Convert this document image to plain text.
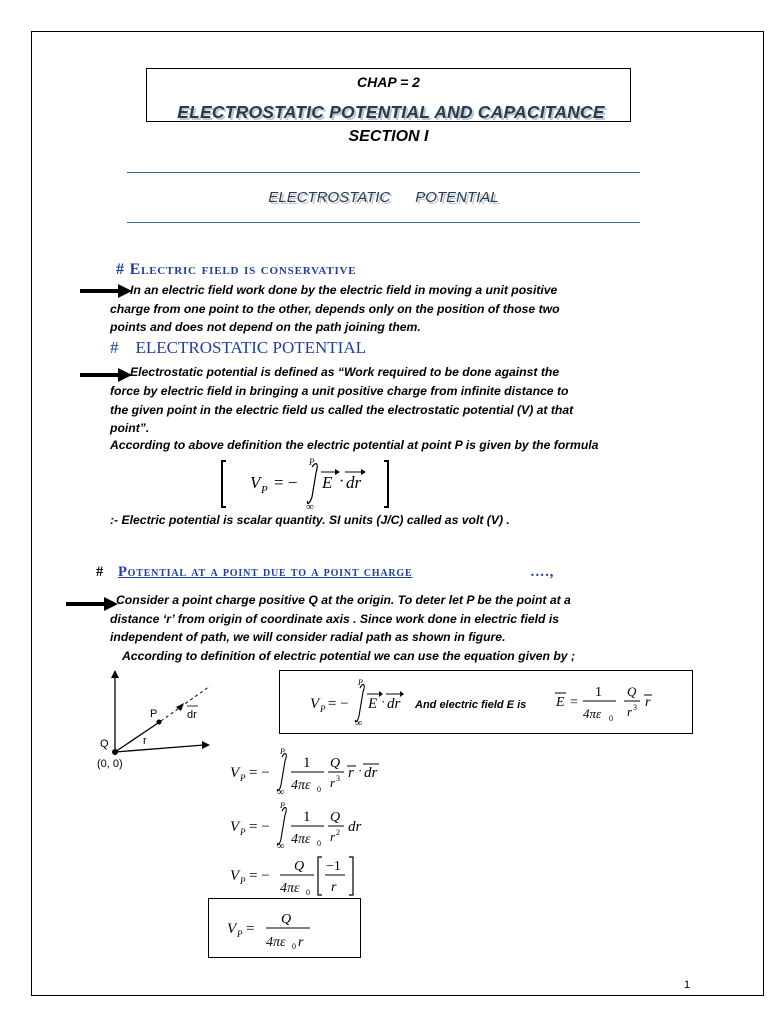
CHAP = 2
ELECTROSTATIC POTENTIAL AND CAPACITANCE
SECTION I
ELECTROSTATIC      POTENTIAL
# Electric field is conservative
In an electric field work done by the electric field in moving a unit positive
charge from one point to the other, depends only on the position of those two
points and does not depend on the path joining them.
#    ELECTROSTATIC POTENTIAL
Electrostatic potential is defined as “Work required to be done against the
force by electric field in bringing a unit positive charge from infinite distance to
the given point in the electric field us called the electrostatic potential (V) at that
point”.
According to above definition the electric potential at point P is given by the formula
V P = −
P
∞
E · dr
:- Electric potential is scalar quantity. SI units (J/C) called as volt (V) .
# Potential at a point due to a point charge	….,
Consider a point charge positive Q at the origin. To deter let P be the point at a
distance ‘r’ from origin of coordinate axis . Since work done in electric field is
independent of path, we will consider radial path as shown in figure.
According to definition of electric potential we can use the equation given by ;
P	dr
r
Q
(0, 0)
V P = −
P
∞
E · dr And electric field E is E =
1
4πε 0
Q
r 3 r
V P = −
P
∞
1
4πε 0
Q
r 3 r · dr
V P = −
P
∞
1
4πε 0
Q
r 2 dr
V P = −
Q
4πε 0
−1
r
V P =
Q
4πε 0 r
1
